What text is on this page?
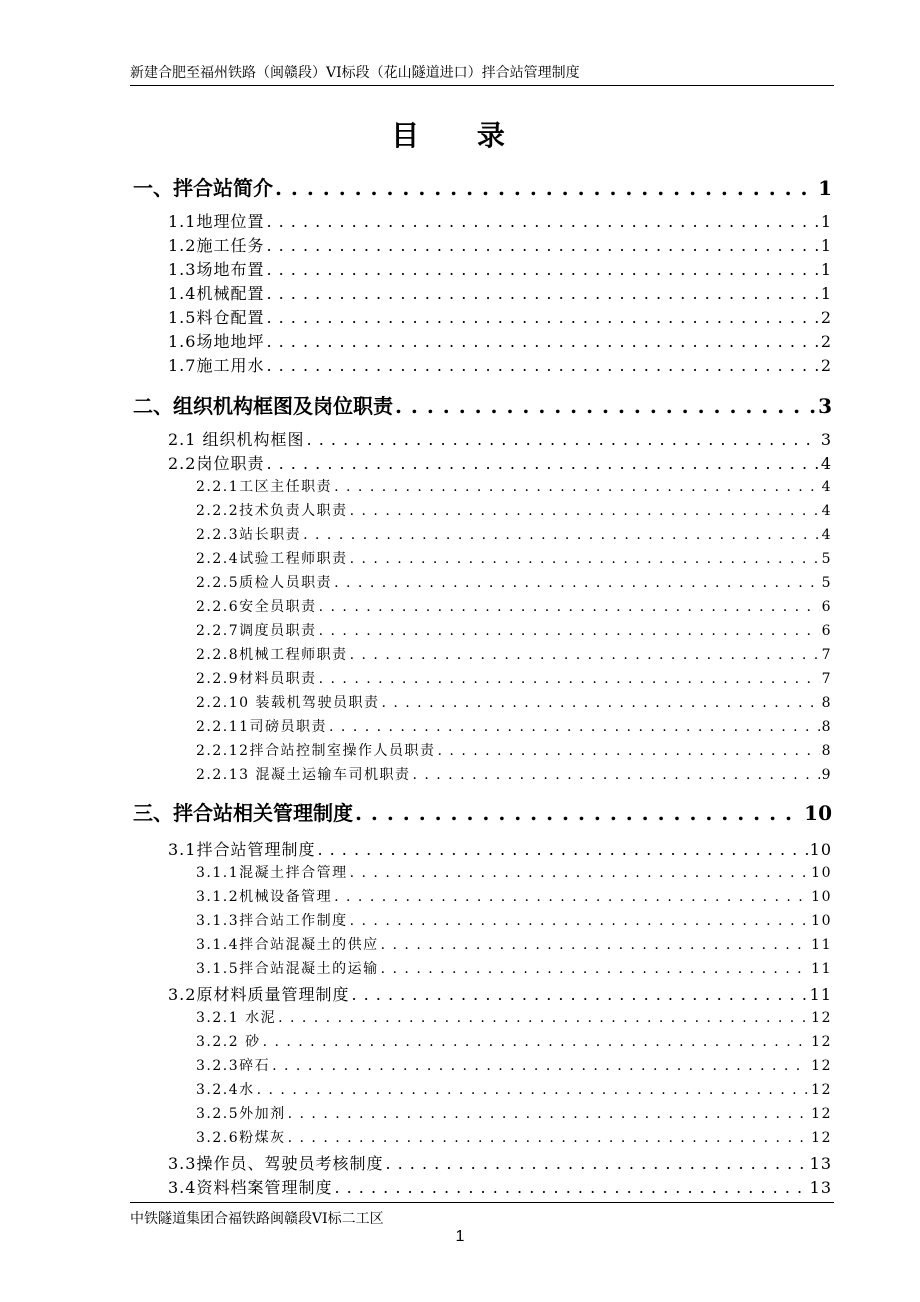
新建合肥至福州铁路（闽赣段）VI标段（花山隧道进口）拌合站管理制度
目 录
一、拌合站简介 . . .	1
1.1地理位置 . . .	1
1.2施工任务 . . .	1
1.3场地布置 . . .	1
1.4机械配置 . . .	1
1.5料仓配置 . . .	2
1.6场地地坪 . . .	2
1.7施工用水 . . .	2
二、组织机构框图及岗位职责 . . .	3
2.1 组织机构框图 . . .	3
2.2岗位职责 . . .	4
2.2.1工区主任职责 . . .	4
2.2.2技术负责人职责 . . .	4
2.2.3站长职责 . . .	4
2.2.4试验工程师职责 . . .	5
2.2.5质检人员职责 . . .	5
2.2.6安全员职责 . . .	6
2.2.7调度员职责 . . .	6
2.2.8机械工程师职责 . . .	7
2.2.9材料员职责 . . .	7
2.2.10 装载机驾驶员职责 . . .	8
2.2.11司磅员职责 . . .	8
2.2.12拌合站控制室操作人员职责 . . .	8
2.2.13 混凝土运输车司机职责 . . .	9
三、拌合站相关管理制度 . . .	10
3.1拌合站管理制度 . . .	10
3.1.1混凝土拌合管理 . . .	10
3.1.2机械设备管理 . . .	10
3.1.3拌合站工作制度 . . .	10
3.1.4拌合站混凝土的供应 . . .	11
3.1.5拌合站混凝土的运输 . . .	11
3.2原材料质量管理制度 . . .	11
3.2.1 水泥 . . .	12
3.2.2 砂 . . .	12
3.2.3碎石 . . .	12
3.2.4水 . . .	12
3.2.5外加剂 . . .	12
3.2.6粉煤灰 . . .	12
3.3操作员、驾驶员考核制度 . . .	13
3.4资料档案管理制度 . . .	13
中铁隧道集团合福铁路闽赣段VI标二工区
1
